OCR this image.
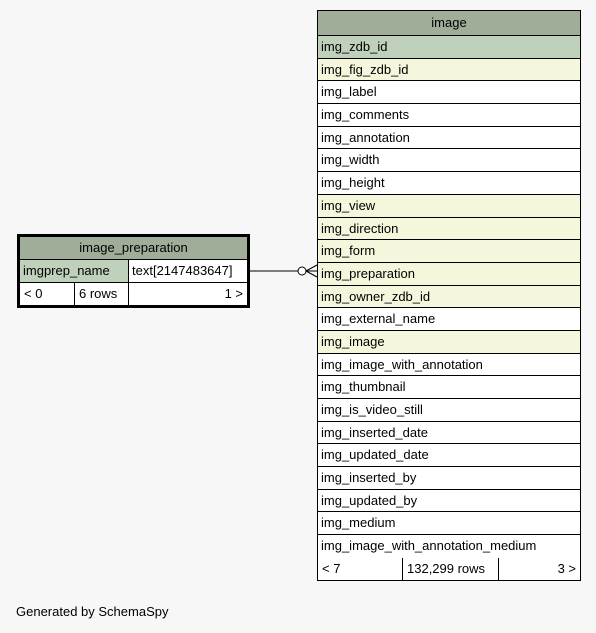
image
img_zdb_id
img_fig_zdb_id
img_label
img_comments
img_annotation
img_width
img_height
img_view
img_direction
img_form
img_preparation
img_owner_zdb_id
img_external_name
img_image
img_image_with_annotation
img_thumbnail
img_is_video_still
img_inserted_date
img_updated_date
img_inserted_by
img_updated_by
img_medium
img_image_with_annotation_medium
< 7	132,299 rows	3 >
image_preparation
imgprep_name	text[2147483647]
< 0	6 rows	1 >
Generated by SchemaSpy
